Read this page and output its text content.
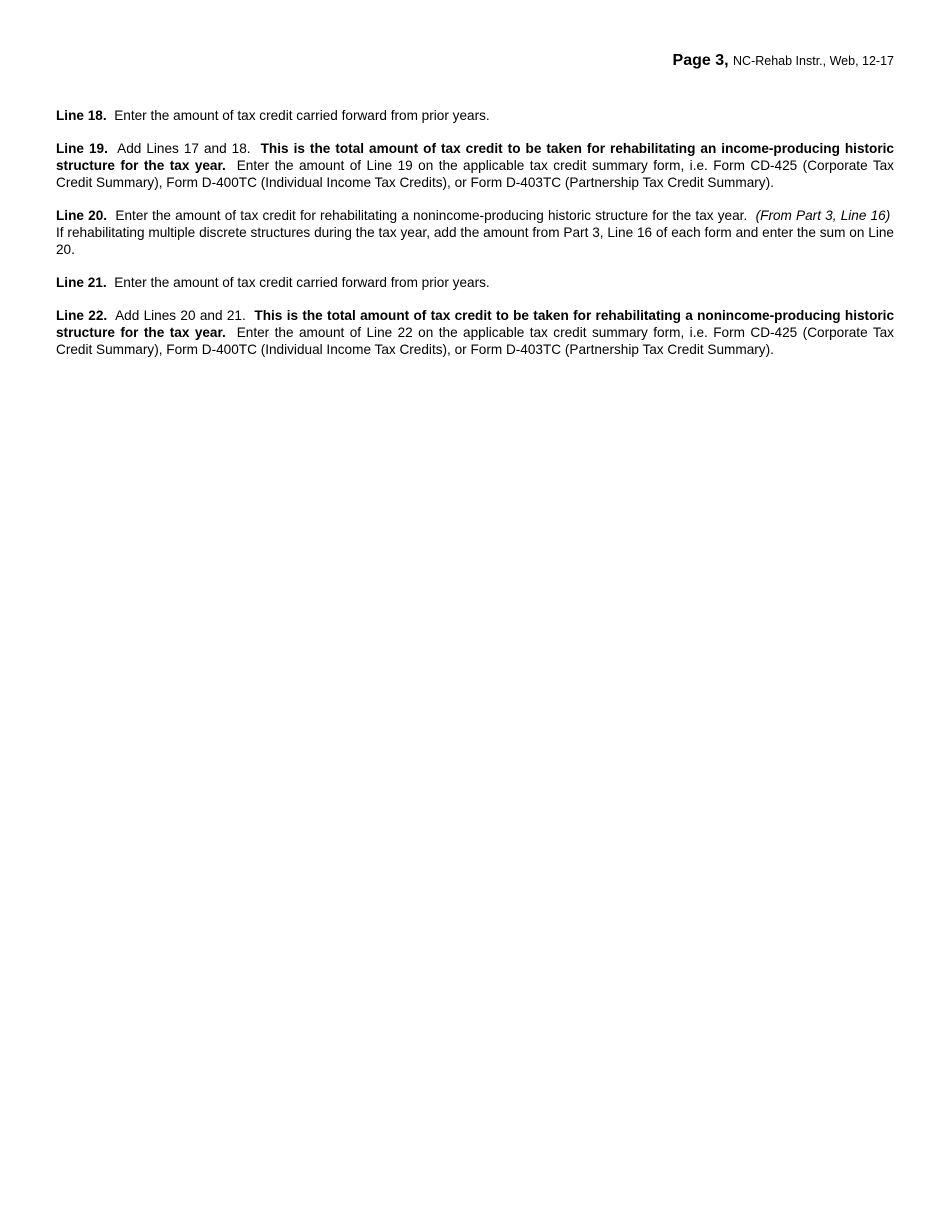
Page 3, NC-Rehab Instr., Web, 12-17

Line 18. Enter the amount of tax credit carried forward from prior years.

Line 19. Add Lines 17 and 18. This is the total amount of tax credit to be taken for rehabilitating an income-producing historic structure for the tax year. Enter the amount of Line 19 on the applicable tax credit summary form, i.e. Form CD-425 (Corporate Tax Credit Summary), Form D-400TC (Individual Income Tax Credits), or Form D-403TC (Partnership Tax Credit Summary).

Line 20. Enter the amount of tax credit for rehabilitating a nonincome-producing historic structure for the tax year. (From Part 3, Line 16)  If rehabilitating multiple discrete structures during the tax year, add the amount from Part 3, Line 16 of each form and enter the sum on Line 20.

Line 21. Enter the amount of tax credit carried forward from prior years.

Line 22. Add Lines 20 and 21. This is the total amount of tax credit to be taken for rehabilitating a nonincome-producing historic structure for the tax year. Enter the amount of Line 22 on the applicable tax credit summary form, i.e. Form CD-425 (Corporate Tax Credit Summary), Form D-400TC (Individual Income Tax Credits), or Form D-403TC (Partnership Tax Credit Summary).
